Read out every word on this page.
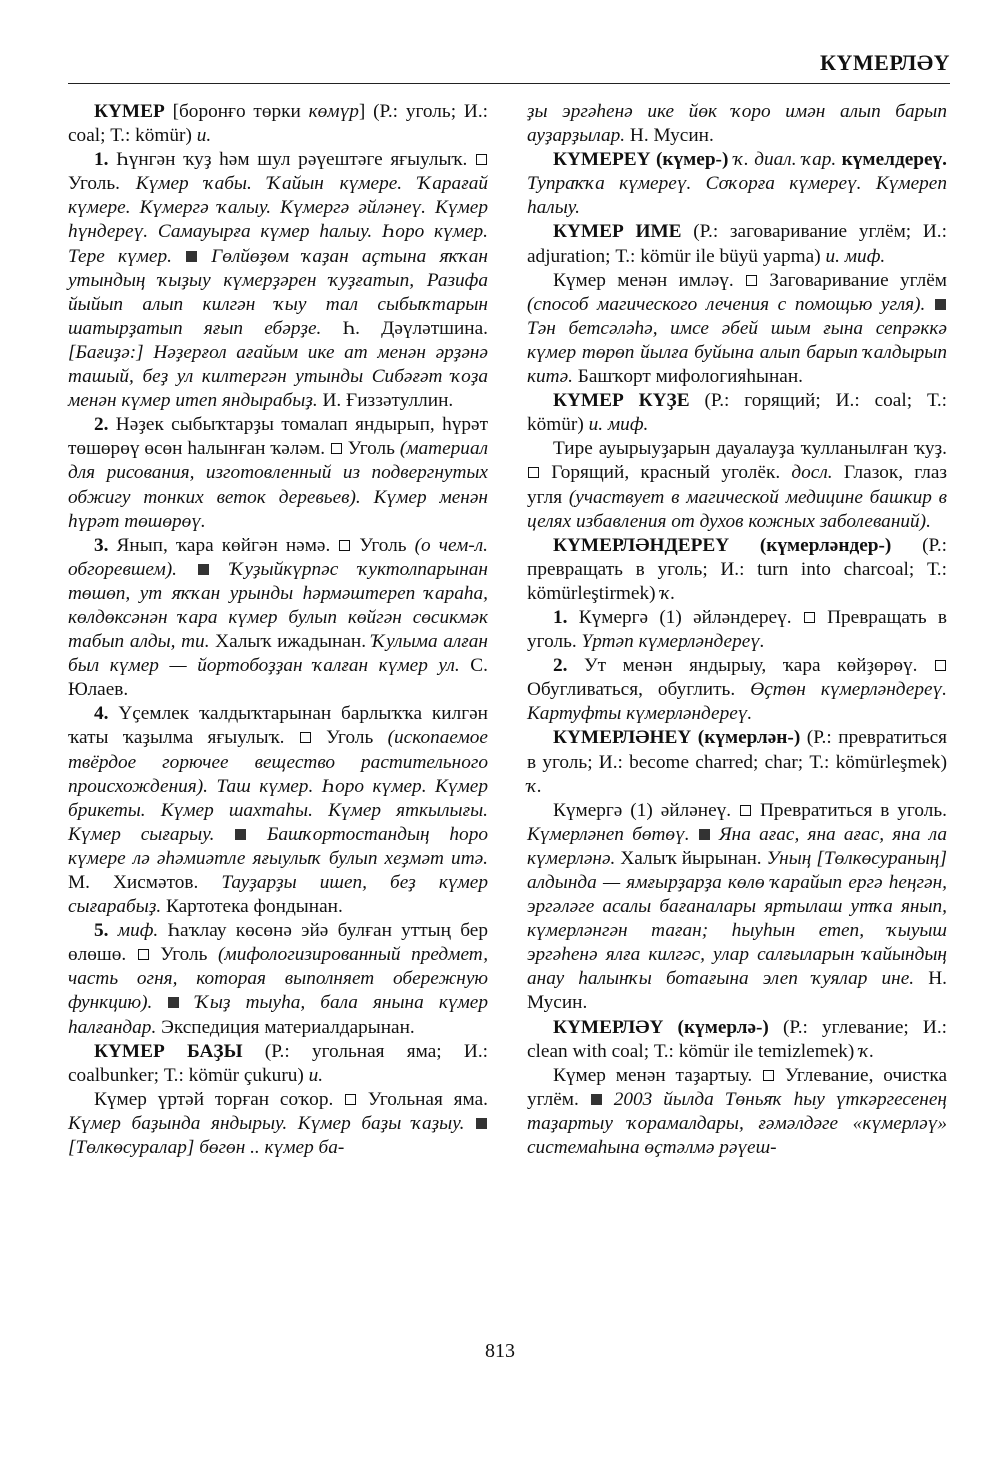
КҮМЕРЛӘҮ

КҮМЕР [боронғо төрки көмүр] (Р.: уголь; И.: coal; Т.: kömür) и.

1. Һүнгән ҡуҙ һәм шул рәүештәге яғыулыҡ.  Уголь. Күмер ҡабы. Ҡайын күмере. Ҡарағай күмере. Күмергә ҡалыу. Күмергә әйләнеү. Күмер һүндереү. Самауырға күмер һалыу. Һоро күмер. Тере күмер.  Гөлйөҙөм ҡаҙан аҫтына яҡҡан утындың ҡыҙыу күмерҙәрен ҡуҙғатып, Разифа йыйып алып килгән ҡыу тал сыбыҡтарын шатырҙатып яғып ебәрҙе. Һ. Дәүләтшина. [Бағиҙә:] Нәҙерғол ағайым ике ат менән әрҙәнә ташый, беҙ ул килтергән утынды Сибәғәт ҡоҙа менән күмер итеп яндырабыҙ. И. Ғиззәтуллин.

2. Нәҙек сыбыҡтарҙы томалап яндырып, һүрәт төшөрөү өсөн һалынған ҡәләм.  Уголь (материал для рисования, изготовленный из подвергнутых обжигу тонких веток деревьев). Күмер менән һүрәт төшөрөү.

3. Янып, ҡара көйгән нәмә.  Уголь (о чем-л. обгоревшем).  Ҡуҙыйкүрпәс ҡуктолпарынан төшөп, ут яҡҡан урынды һәрмәштереп ҡараһа, көлдөксәнән ҡара күмер булып көйгән сөсикмәк табып алды, ти. Халыҡ ижадынан. Ҡулыма алған был күмер — йортобоҙҙан ҡалған күмер ул. С. Юлаев.

4. Үҫемлек ҡалдыҡтарынан барлыҡҡа килгән ҡаты ҡаҙылма яғыулыҡ.  Уголь (ископаемое твёрдое горючее вещество растительного происхождения). Таш күмер. Һоро күмер. Күмер брикеты. Күмер шахтаһы. Күмер яткылығы. Күмер сығарыу.  Башҡортостандың һоро күмере лә әһәмиәтле яғыулыҡ булып хеҙмәт итә. М. Хисмәтов. Тауҙарҙы ишеп, беҙ күмер сығарабыҙ. Картотека фондынан.

5. миф. Һаҡлау көсөнә эйә булған уттың бер өлөшө.  Уголь (мифологизированный предмет, часть огня, которая выполняет обережную функцию).  Ҡыҙ тыуһа, бала янына күмер һалғандар. Экспедиция материалдарынан.

КҮМЕР БАҘЫ (Р.: угольная яма; И.: coalbunker; Т.: kömür çukuru) и.

Күмер үртәй торған соҡор.  Угольная яма. Күмер баҙында яндырыу. Күмер баҙы ҡаҙыу.  [Төлкөсуралар] бөгөн .. күмер ба-

ҙы эргәһенә ике йөк ҡоро имән алып барып ауҙарҙылар. Н. Мусин.

КҮМЕРЕҮ (күмер-) ҡ. диал. ҡар. күмелдереү. Тупраҡҡа күмереү. Соҡорға күмереү. Күмереп һалыу.

КҮМЕР ИМЕ (Р.: заговаривание углём; И.: adjuration; Т.: kömür ile büyü yapma) и. миф.

Күмер менән имләү.  Заговаривание углём (способ магического лечения с помощью угля).  Тән бетсәләһә, имсе әбей шым ғына сепрәккә күмер төрөп йылға буйына алып барып ҡалдырып китә. Башҡорт мифологияһынан.

КҮМЕР КҮҘЕ (Р.: горящий; И.: coal; Т.: kömür) и. миф.

Тире ауырыуҙарын дауалауҙа ҡулланылған ҡуҙ.  Горящий, красный уголёк. досл. Глазок, глаз угля (участвует в магической медицине башкир в целях избавления от духов кожных заболеваний).

КҮМЕРЛӘНДЕРЕҮ (күмерләндер-) (Р.: превращать в уголь; И.: turn into charcoal; Т.: kömürleştirmek) ҡ.

1. Күмергә (1) әйләндереү.  Превращать в уголь. Үртәп күмерләндереү.

2. Ут менән яндырыу, ҡара көйҙөрөү.  Обугливаться, обуглить. Өҫтөн күмерләндереү. Картуфты күмерләндереү.

КҮМЕРЛӘНЕҮ (күмерлән-) (Р.: превратиться в уголь; И.: become charred; char; Т.: kömürleşmek) ҡ.

Күмергә (1) әйләнеү.  Превратиться в уголь. Күмерләнеп бөтөү.  Яна ағас, яна ағас, яна ла күмерләнә. Халыҡ йырынан. Уның [Төлкөсураның] алдында — ямғырҙарҙа көлө ҡарайып ергә һеңгән, эргәләге асалы бағаналары яртылаш утҡа янып, күмерләнгән таған; һыуһын етеп, ҡыуыш эргәһенә ялға килгәс, улар салғыларын ҡайындың анау һалынҡы ботағына элеп ҡуялар ине. Н. Мусин.

КҮМЕРЛӘҮ (күмерлә-) (Р.: углевание; И.: clean with coal; Т.: kömür ile temizlemek) ҡ.

Күмер менән таҙартыу.  Углевание, очистка углём.  2003 йылда Төньяҡ һыу үткәргесенең таҙартыу ҡорамалдары, ғәмәлдәге «күмерләү» системаһына өҫтәлмә рәүеш-

813
